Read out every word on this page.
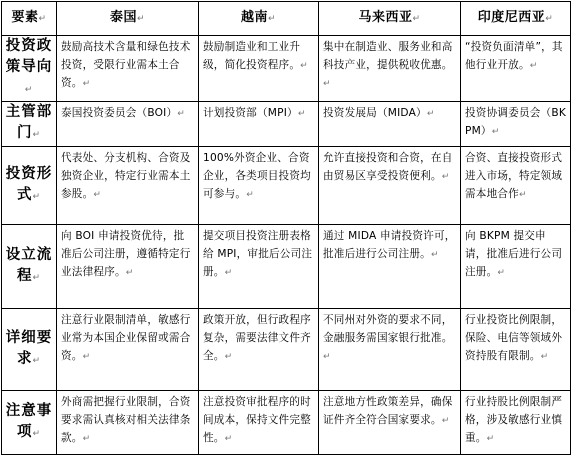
要素↵	泰国↵	越南↵	马来西亚↵	印度尼西亚↵
投资政策导向↵	鼓励高技术含量和绿色技术投资，受限行业需本土合资。↵	鼓励制造业和工业升级，简化投资程序。↵	集中在制造业、服务业和高科技产业，提供税收优惠。↵	“投资负面清单”，其他行业开放。↵
主管部门↵	泰国投资委员会（BOI）↵	计划投资部（MPI）↵	投资发展局（MIDA）↵	投资协调委员会（BKPM）↵
投资形式↵	代表处、分支机构、合资及独资企业，特定行业需本土参股。↵	100%外资企业、合资企业，各类项目投资均可参与。↵	允许直接投资和合资，在自由贸易区享受投资便利。↵	合资、直接投资形式进入市场，特定领域需本地合作↵
设立流程↵	向 BOI 申请投资优待，批准后公司注册，遵循特定行业法律程序。↵	提交项目投资注册表格给 MPI，审批后公司注册。↵	通过 MIDA 申请投资许可，批准后进行公司注册。↵	向 BKPM 提交申请，批准后进行公司注册。↵
详细要求↵	注意行业限制清单，敏感行业常为本国企业保留或需合资。↵	政策开放，但行政程序复杂，需要法律文件齐全。↵	不同州对外资的要求不同，金融服务需国家银行批准。↵	行业投资比例限制，保险、电信等领域外资持股有限制。↵
注意事项↵	外商需把握行业限制，合资要求需认真核对相关法律条款。↵	注意投资审批程序的时间成本，保持文件完整性。↵	注意地方性政策差异，确保证件齐全符合国家要求。↵	行业持股比例限制严格，涉及敏感行业慎重。↵
